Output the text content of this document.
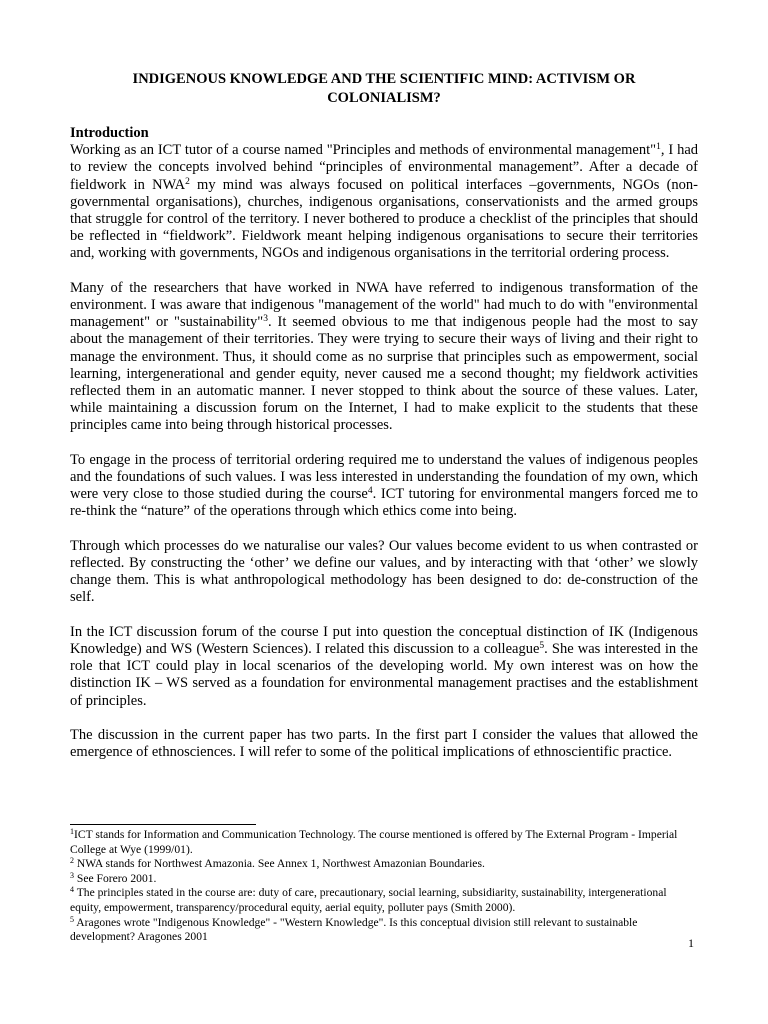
INDIGENOUS KNOWLEDGE AND THE SCIENTIFIC MIND: ACTIVISM OR
COLONIALISM?
Introduction

Working as an ICT tutor of a course named "Principles and methods of environmental management"$^1$, I had to review the concepts involved behind “principles of environmental management”. After a decade of fieldwork in NWA$^2$ my mind was always focused on political interfaces –governments, NGOs (non-governmental organisations), churches, indigenous organisations, conservationists and the armed groups that struggle for control of the territory. I never bothered to produce a checklist of the principles that should be reflected in “fieldwork”. Fieldwork meant helping indigenous organisations to secure their territories and, working with governments, NGOs and indigenous organisations in the territorial ordering process.

Many of the researchers that have worked in NWA have referred to indigenous transformation of the environment. I was aware that indigenous "management of the world" had much to do with "environmental management" or "sustainability"$^3$. It seemed obvious to me that indigenous people had the most to say about the management of their territories. They were trying to secure their ways of living and their right to manage the environment. Thus, it should come as no surprise that principles such as empowerment, social learning, intergenerational and gender equity, never caused me a second thought; my fieldwork activities reflected them in an automatic manner. I never stopped to think about the source of these values. Later, while maintaining a discussion forum on the Internet, I had to make explicit to the students that these principles came into being through historical processes.

To engage in the process of territorial ordering required me to understand the values of indigenous peoples and the foundations of such values. I was less interested in understanding the foundation of my own, which were very close to those studied during the course$^4$. ICT tutoring for environmental mangers forced me to re-think the “nature” of the operations through which ethics come into being.

Through which processes do we naturalise our vales? Our values become evident to us when contrasted or reflected. By constructing the ‘other’ we define our values, and by interacting with that ‘other’ we slowly change them. This is what anthropological methodology has been designed to do: de-construction of the self.

In the ICT discussion forum of the course I put into question the conceptual distinction of IK (Indigenous Knowledge) and WS (Western Sciences). I related this discussion to a colleague$^5$. She was interested in the role that ICT could play in local scenarios of the developing world. My own interest was on how the distinction IK – WS served as a foundation for environmental management practises and the establishment of principles.

The discussion in the current paper has two parts. In the first part I consider the values that allowed the emergence of ethnosciences. I will refer to some of the political implications of ethnoscientific practice.

$^1$ICT stands for Information and Communication Technology. The course mentioned is offered by The External Program - Imperial College at Wye (1999/01).
$^2$ NWA stands for Northwest Amazonia. See Annex 1, Northwest Amazonian Boundaries.
$^3$ See Forero 2001.
$^4$ The principles stated in the course are: duty of care, precautionary, social learning, subsidiarity, sustainability, intergenerational equity, empowerment, transparency/procedural equity, aerial equity, polluter pays (Smith 2000).
$^5$ Aragones wrote "Indigenous Knowledge" - "Western Knowledge". Is this conceptual division still relevant to sustainable development? Aragones 2001	1
